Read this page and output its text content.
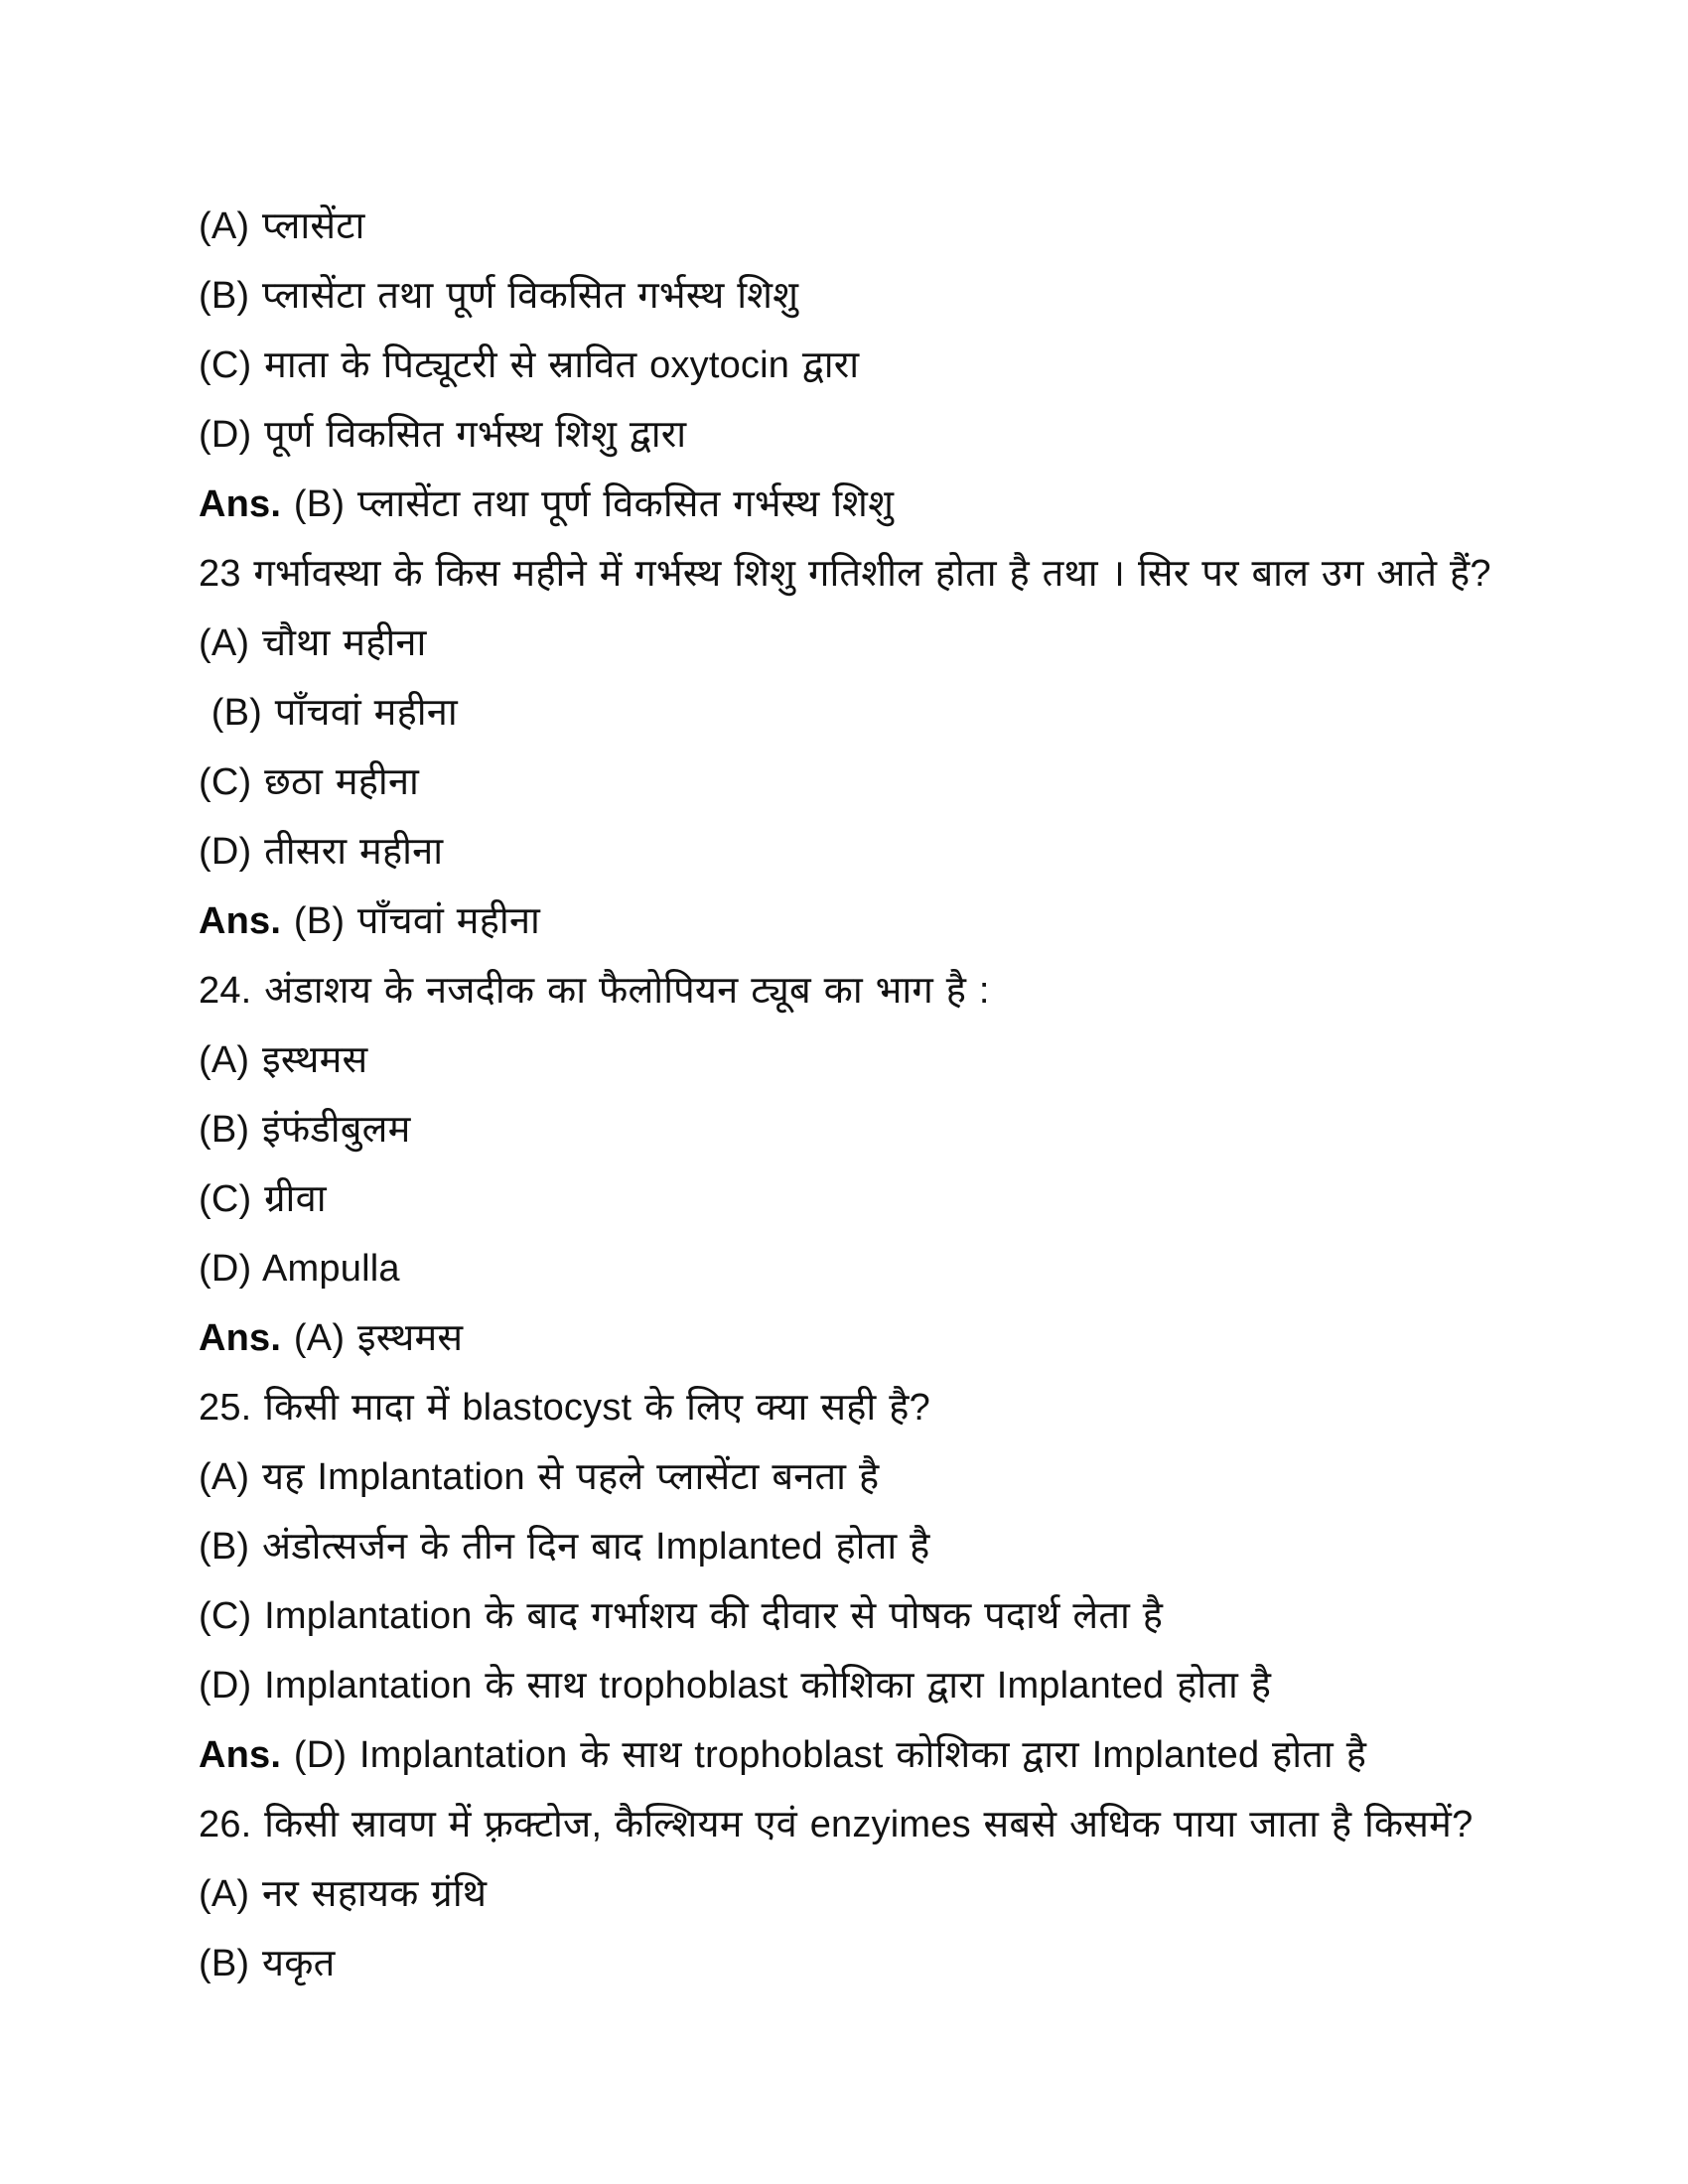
(A) प्लासेंटा

(B) प्लासेंटा तथा पूर्ण विकसित गर्भस्थ शिशु

(C) माता के पिट्यूटरी से स्रावित oxytocin द्वारा

(D) पूर्ण विकसित गर्भस्थ शिशु द्वारा

Ans. (B) प्लासेंटा तथा पूर्ण विकसित गर्भस्थ शिशु

23 गर्भावस्था के किस महीने में गर्भस्थ शिशु गतिशील होता है तथा । सिर पर बाल उग आते हैं?

(A) चौथा महीना

(B) पाँचवां महीना

(C) छठा महीना

(D) तीसरा महीना

Ans. (B) पाँचवां महीना

24. अंडाशय के नजदीक का फैलोपियन ट्यूब का भाग है :

(A) इस्थमस

(B) इंफंडीबुलम

(C) ग्रीवा

(D) Ampulla

Ans. (A) इस्थमस

25. किसी मादा में blastocyst के लिए क्या सही है?

(A) यह Implantation से पहले प्लासेंटा बनता है

(B) अंडोत्सर्जन के तीन दिन बाद Implanted होता है

(C) Implantation के बाद गर्भाशय की दीवार से पोषक पदार्थ लेता है

(D) Implantation के साथ trophoblast कोशिका द्वारा Implanted होता है

Ans. (D) Implantation के साथ trophoblast कोशिका द्वारा Implanted होता है

26. किसी स्रावण में फ़्रक्टोज, कैल्शियम एवं enzyimes सबसे अधिक पाया जाता है किसमें?

(A) नर सहायक ग्रंथि

(B) यकृत
